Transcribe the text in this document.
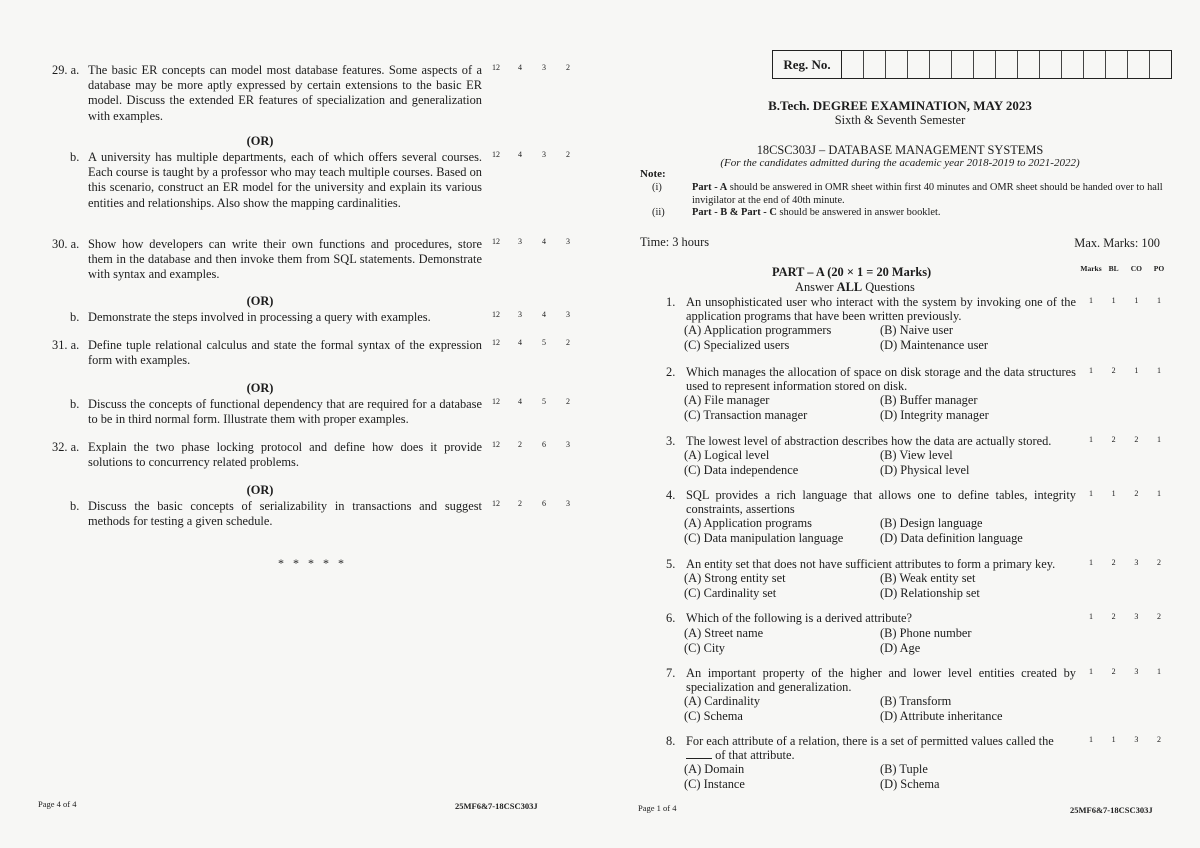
29. a. The basic ER concepts can model most database features. Some aspects of a database may be more aptly expressed by certain extensions to the basic ER model. Discuss the extended ER features of specialization and generalization with examples.
12	4	3	2
(OR)
b. A university has multiple departments, each of which offers several courses. Each course is taught by a professor who may teach multiple courses. Based on this scenario, construct an ER model for the university and explain its various entities and relationships. Also show the mapping cardinalities.
12	4	3	2
30. a. Show how developers can write their own functions and procedures, store them in the database and then invoke them from SQL statements. Demonstrate with syntax and examples.
12	3	4	3
(OR)
b. Demonstrate the steps involved in processing a query with examples.	12	3	4	3
31. a. Define tuple relational calculus and state the formal syntax of the expression form with examples.
12	4	5	2
(OR)
b. Discuss the concepts of functional dependency that are required for a database to be in third normal form. Illustrate them with proper examples.
12	4	5	2
32. a. Explain the two phase locking protocol and define how does it provide solutions to concurrency related problems.
12	2	6	3
(OR)
b. Discuss the basic concepts of serializability in transactions and suggest methods for testing a given schedule.
12	2	6	3
* * * * *
Page 4 of 4	25MF6&7-18CSC303J
Reg. No.
B.Tech. DEGREE EXAMINATION, MAY 2023
Sixth & Seventh Semester
18CSC303J – DATABASE MANAGEMENT SYSTEMS
(For the candidates admitted during the academic year 2018-2019 to 2021-2022)
Note:
(i)	Part - A should be answered in OMR sheet within first 40 minutes and OMR sheet should be handed over to hall invigilator at the end of 40th minute.
(ii)	Part - B & Part - C should be answered in answer booklet.
Time: 3 hours	Max. Marks: 100
PART – A (20 × 1 = 20 Marks)
Answer ALL Questions
Marks BL	CO	PO
1. An unsophisticated user who interact with the system by invoking one of the application programs that have been written previously.
1	1	1	1
(A) Application programmers	(B) Naive user
(C) Specialized users	(D) Maintenance user
2. Which manages the allocation of space on disk storage and the data structures used to represent information stored on disk.
1	2	1	1
(A) File manager	(B) Buffer manager
(C) Transaction manager	(D) Integrity manager
3. The lowest level of abstraction describes how the data are actually stored.	1	2	2	1
(A) Logical level	(B) View level
(C) Data independence	(D) Physical level
4. SQL provides a rich language that allows one to define tables, integrity constraints, assertions
1	1	2	1
(A) Application programs	(B) Design language
(C) Data manipulation language	(D) Data definition language
5. An entity set that does not have sufficient attributes to form a primary key.	1	2	3	2
(A) Strong entity set	(B) Weak entity set
(C) Cardinality set	(D) Relationship set
6. Which of the following is a derived attribute?	1	2	3	2
(A) Street name	(B) Phone number
(C) City	(D) Age
7. An important property of the higher and lower level entities created by specialization and generalization.
1	2	3	1
(A) Cardinality	(B) Transform
(C) Schema	(D) Attribute inheritance
8. For each attribute of a relation, there is a set of permitted values called the
of that attribute.
1	1	3	2
(A) Domain	(B) Tuple
(C) Instance	(D) Schema
Page 1 of 4	25MF6&7-18CSC303J
